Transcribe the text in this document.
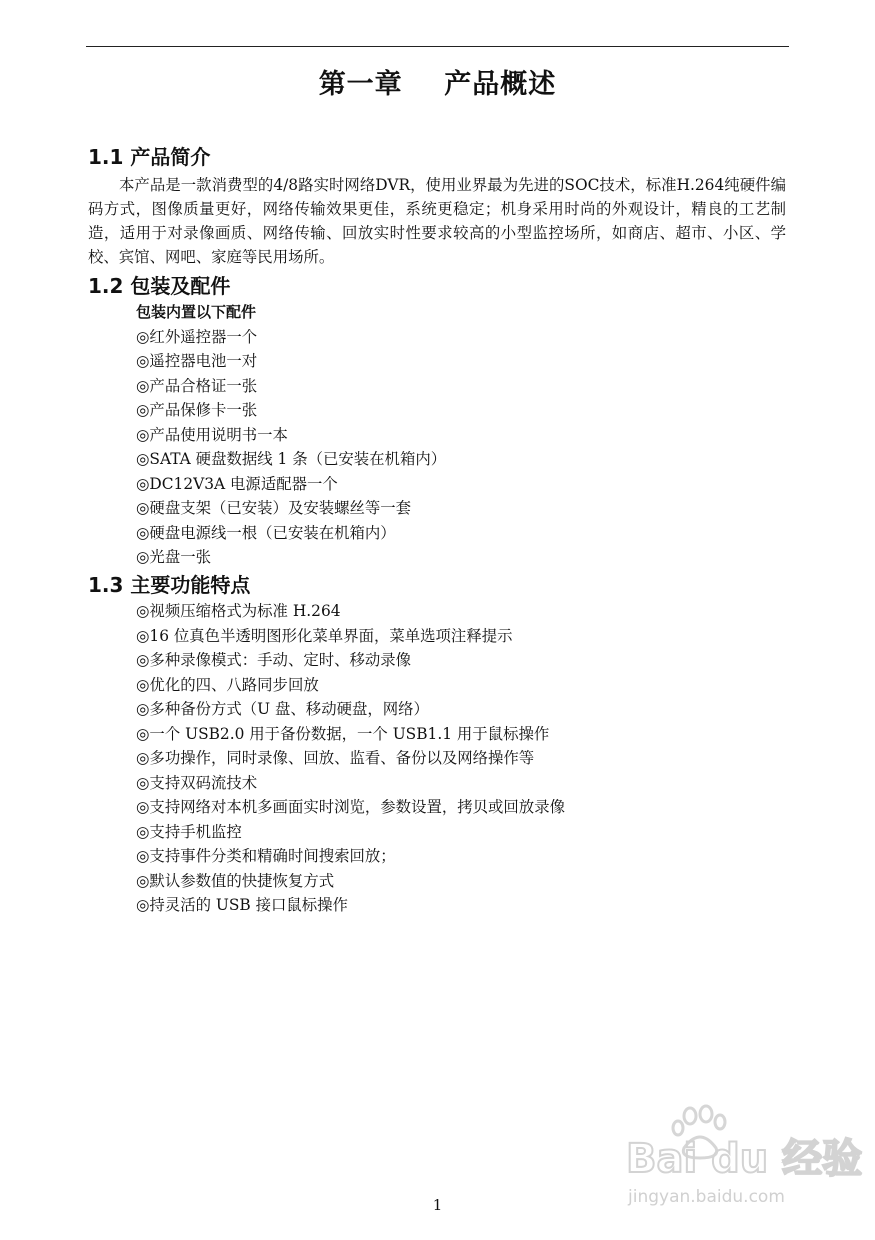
第一章    产品概述
1.1 产品简介
本产品是一款消费型的4/8路实时网络DVR，使用业界最为先进的SOC技术，标准H.264纯硬件编码方式，图像质量更好，网络传输效果更佳，系统更稳定；机身采用时尚的外观设计，精良的工艺制造，适用于对录像画质、网络传输、回放实时性要求较高的小型监控场所，如商店、超市、小区、学校、宾馆、网吧、家庭等民用场所。
1.2 包装及配件
包装内置以下配件
◎红外遥控器一个
◎遥控器电池一对
◎产品合格证一张
◎产品保修卡一张
◎产品使用说明书一本
◎SATA 硬盘数据线 1 条（已安装在机箱内）
◎DC12V3A 电源适配器一个
◎硬盘支架（已安装）及安装螺丝等一套
◎硬盘电源线一根（已安装在机箱内）
◎光盘一张
1.3 主要功能特点
◎视频压缩格式为标准 H.264
◎16 位真色半透明图形化菜单界面，菜单选项注释提示
◎多种录像模式：手动、定时、移动录像
◎优化的四、八路同步回放
◎多种备份方式（U 盘、移动硬盘，网络）
◎一个 USB2.0 用于备份数据，一个 USB1.1 用于鼠标操作
◎多功操作，同时录像、回放、监看、备份以及网络操作等
◎支持双码流技术
◎支持网络对本机多画面实时浏览，参数设置，拷贝或回放录像
◎支持手机监控
◎支持事件分类和精确时间搜索回放；
◎默认参数值的快捷恢复方式
◎持灵活的 USB 接口鼠标操作
Bai du 经验
jingyan.baidu.com
1
